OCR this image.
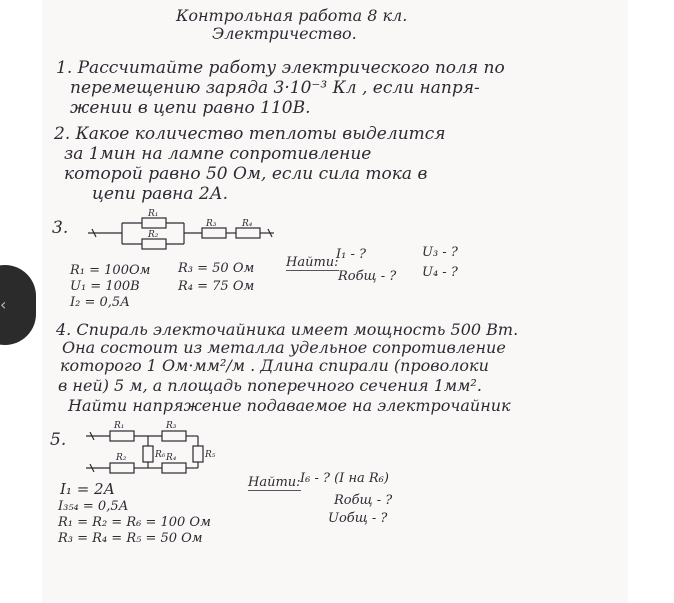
Контрольная работа 8 кл.

Электричество.

1. Рассчитайте работу электрического поля по

перемещению заряда 3·10⁻³ Кл , если напря-

жении в цепи равно 110В.

2. Какое количество теплоты выделится

за 1мин на лампе сопротивление

которой равно 50 Ом, если сила тока в

цепи равна 2А.

3.

R₁
R₂
R₃	R₄

R₁ = 100Ом

U₁ = 100В

I₂ = 0,5А

R₃ = 50 Ом

R₄ = 75 Ом

Найти:

I₁ - ?	U₃ - ?

Rобщ - ? U₄ - ?

4. Спираль электочайника имеет мощность 500 Вт.

Она состоит из металла удельное сопротивление

которого 1 Ом·мм²/м . Длина спирали (проволоки

в ней) 5 м, а площадь поперечного сечения 1мм².

Найти напряжение подаваемое на электрочайник

5.

R₁	R₃
R₂	R₆ R₄	R₅

I₁ = 2А

I₃₅₄ = 0,5А

R₁ = R₂ = R₆ = 100 Ом

R₃ = R₄ = R₅ = 50 Ом

Найти: I₆ - ? (I на R₆)

Rобщ - ?

Uобщ - ?

‹
